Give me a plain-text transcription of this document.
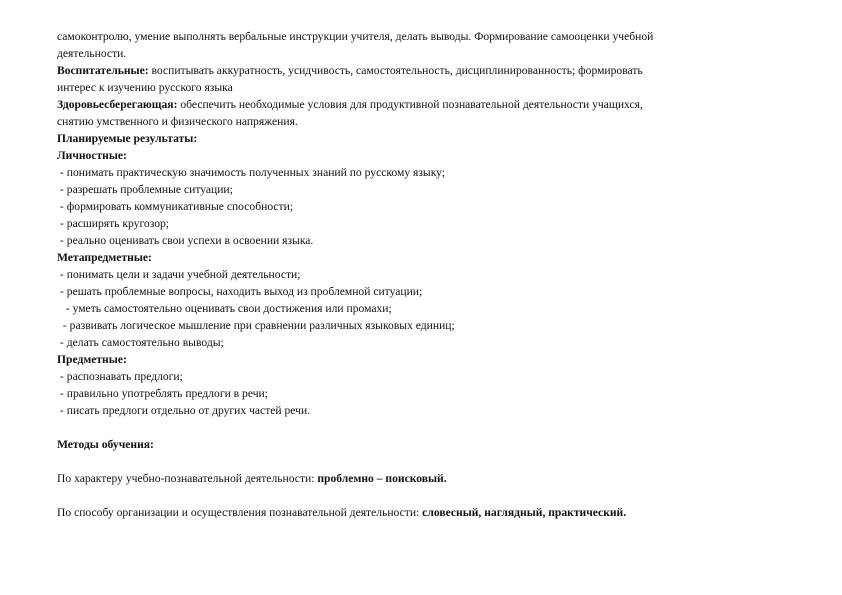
самоконтролю, умение выполнять вербальные инструкции учителя, делать выводы. Формирование самооценки учебной

деятельности.

Воспитательные: воспитывать аккуратность, усидчивость, самостоятельность, дисциплинированность; формировать

интерес к изучению русского языка

Здоровьесберегающая: обеспечить необходимые условия для продуктивной познавательной деятельности учащихся,

снятию умственного и физического напряжения.

Планируемые результаты:

Личностные:

- понимать практическую значимость полученных знаний по русскому языку;

- разрешать проблемные ситуации;

- формировать коммуникативные способности;

- расширять кругозор;

- реально оценивать свои успехи в освоении языка.

Метапредметные:

- понимать цели и задачи учебной деятельности;

- решать проблемные вопросы, находить выход из проблемной ситуации;

- уметь самостоятельно оценивать свои достижения или промахи;

- развивать логическое мышление при сравнении различных языковых единиц;

- делать самостоятельно выводы;

Предметные:

- распознавать предлоги;

- правильно употреблять предлоги в речи;

- писать предлоги отдельно от других частей речи.

Методы обучения:

По характеру учебно-познавательной деятельности: проблемно – поисковый.

По способу организации и осуществления познавательной деятельности: словесный, наглядный, практический.
